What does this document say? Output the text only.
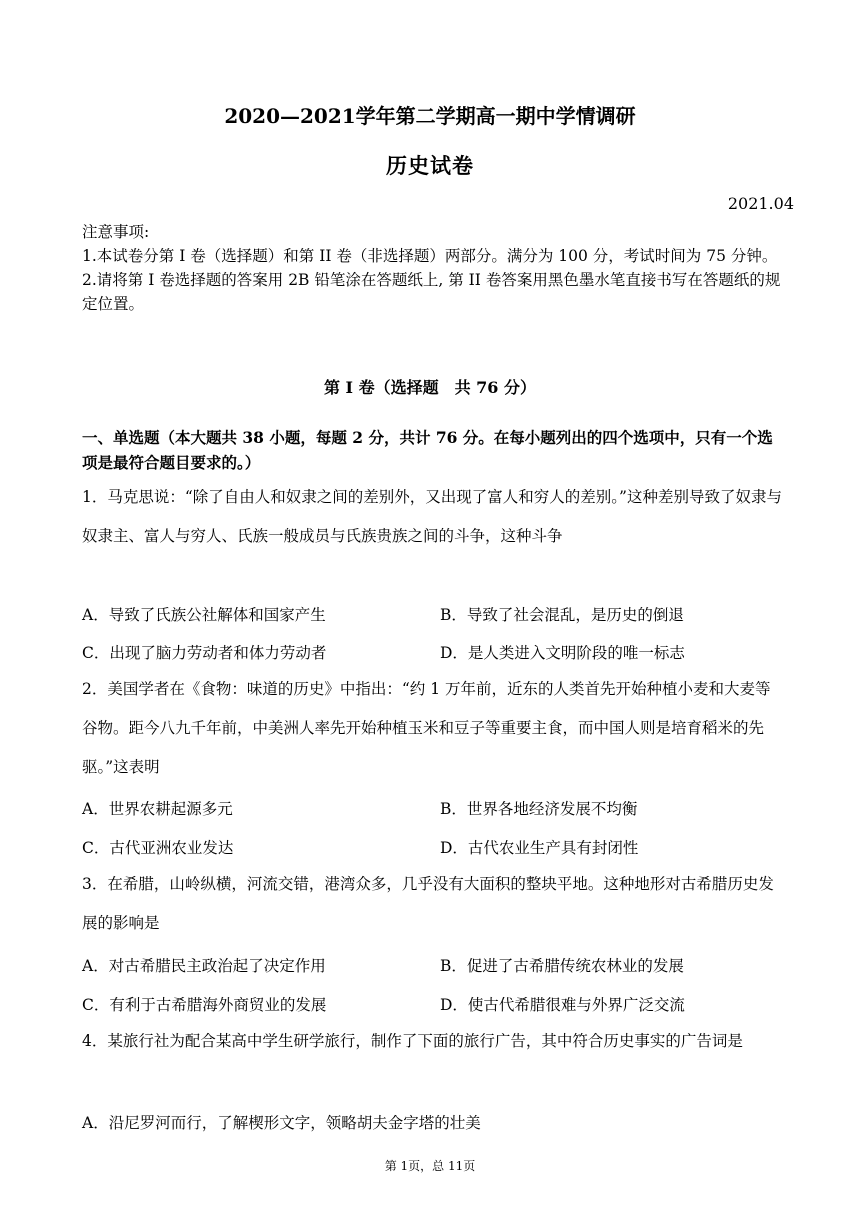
2020—2021学年第二学期高一期中学情调研
历史试卷
2021.04
注意事项:
1.本试卷分第 I 卷（选择题）和第 II 卷（非选择题）两部分。满分为 100 分，考试时间为 75 分钟。
2.请将第 I 卷选择题的答案用 2B 铅笔涂在答题纸上, 第 II 卷答案用黑色墨水笔直接书写在答题纸的规定位置。
第 I 卷（选择题　共 76 分）
一、单选题（本大题共 38 小题，每题 2 分，共计 76 分。在每小题列出的四个选项中，只有一个选项是最符合题目要求的。）
1．马克思说：“除了自由人和奴隶之间的差别外，又出现了富人和穷人的差别。”这种差别导致了奴隶与奴隶主、富人与穷人、氏族一般成员与氏族贵族之间的斗争，这种斗争
A．导致了氏族公社解体和国家产生	B．导致了社会混乱，是历史的倒退
C．出现了脑力劳动者和体力劳动者	D．是人类进入文明阶段的唯一标志
2．美国学者在《食物：味道的历史》中指出：“约 1 万年前，近东的人类首先开始种植小麦和大麦等谷物。距今八九千年前，中美洲人率先开始种植玉米和豆子等重要主食，而中国人则是培育稻米的先驱。”这表明
A．世界农耕起源多元	B．世界各地经济发展不均衡
C．古代亚洲农业发达	D．古代农业生产具有封闭性
3．在希腊，山岭纵横，河流交错，港湾众多，几乎没有大面积的整块平地。这种地形对古希腊历史发展的影响是
A．对古希腊民主政治起了决定作用	B．促进了古希腊传统农林业的发展
C．有利于古希腊海外商贸业的发展	D．使古代希腊很难与外界广泛交流
4．某旅行社为配合某高中学生研学旅行，制作了下面的旅行广告，其中符合历史事实的广告词是
A．沿尼罗河而行，了解楔形文字，领略胡夫金字塔的壮美
第 1页，总 11页
